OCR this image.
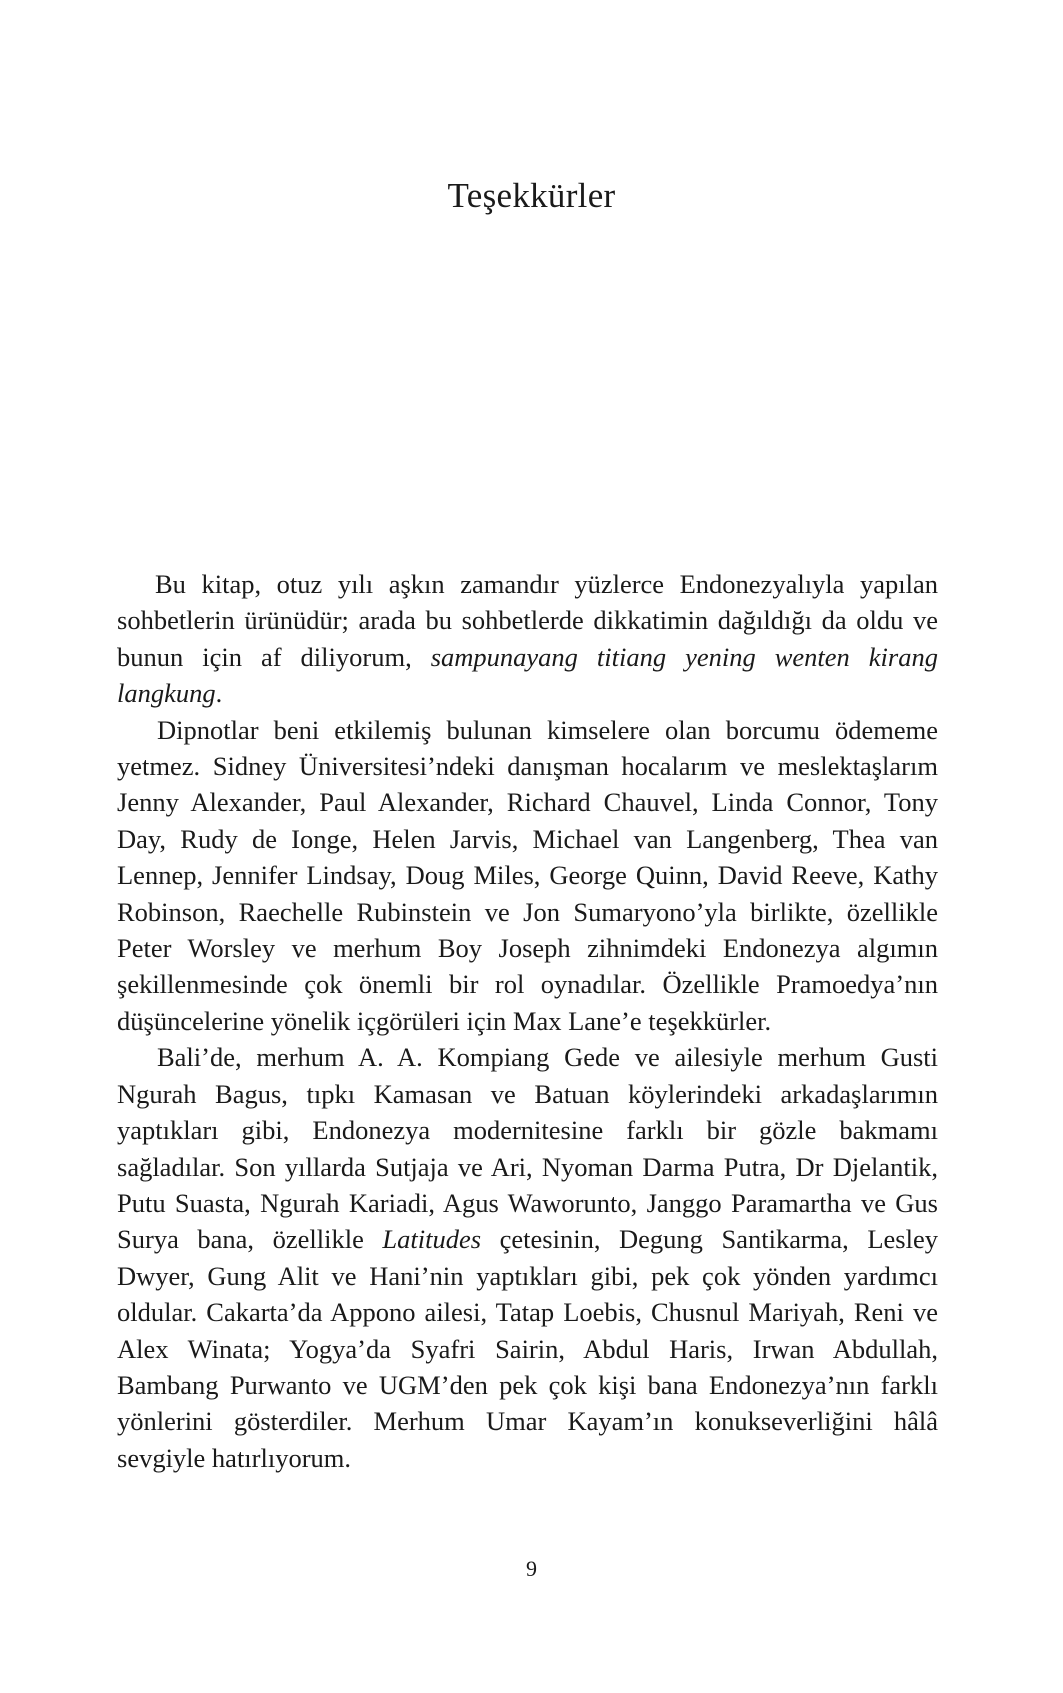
Teşekkürler

Bu kitap, otuz yılı aşkın zamandır yüzlerce Endonezyalıyla yapılan sohbetlerin ürünüdür; arada bu sohbetlerde dikkatimin dağıldığı da oldu ve bunun için af diliyorum, sampunayang titiang yening wenten kirang langkung.

Dipnotlar beni etkilemiş bulunan kimselere olan borcumu ödememe yetmez. Sidney Üniversitesi’ndeki danışman hocalarım ve meslektaşlarım Jenny Alexander, Paul Alexander, Richard Chauvel, Linda Connor, Tony Day, Rudy de Ionge, Helen Jarvis, Michael van Langenberg, Thea van Lennep, Jennifer Lindsay, Doug Miles, George Quinn, David Reeve, Kathy Robinson, Raechelle Rubinstein ve Jon Sumaryono’yla birlikte, özellikle Peter Worsley ve merhum Boy Joseph zihnimdeki Endonezya algımın şekillenmesinde çok önemli bir rol oynadılar. Özellikle Pramoedya’nın düşüncelerine yönelik içgörüleri için Max Lane’e teşekkürler.

Bali’de, merhum A. A. Kompiang Gede ve ailesiyle merhum Gusti Ngurah Bagus, tıpkı Kamasan ve Batuan köylerindeki arkadaşlarımın yaptıkları gibi, Endonezya modernitesine farklı bir gözle bakmamı sağladılar. Son yıllarda Sutjaja ve Ari, Nyoman Darma Putra, Dr Djelantik, Putu Suasta, Ngurah Kariadi, Agus Waworunto, Janggo Paramartha ve Gus Surya bana, özellikle Latitudes çetesinin, Degung Santikarma, Lesley Dwyer, Gung Alit ve Hani’nin yaptıkları gibi, pek çok yönden yardımcı oldular. Cakarta’da Appono ailesi, Tatap Loebis, Chusnul Mariyah, Reni ve Alex Winata; Yogya’da Syafri Sairin, Abdul Haris, Irwan Abdullah, Bambang Purwanto ve UGM’den pek çok kişi bana Endonezya’nın farklı yönlerini gösterdiler. Merhum Umar Kayam’ın konukseverliğini hâlâ sevgiyle hatırlıyorum.

9
